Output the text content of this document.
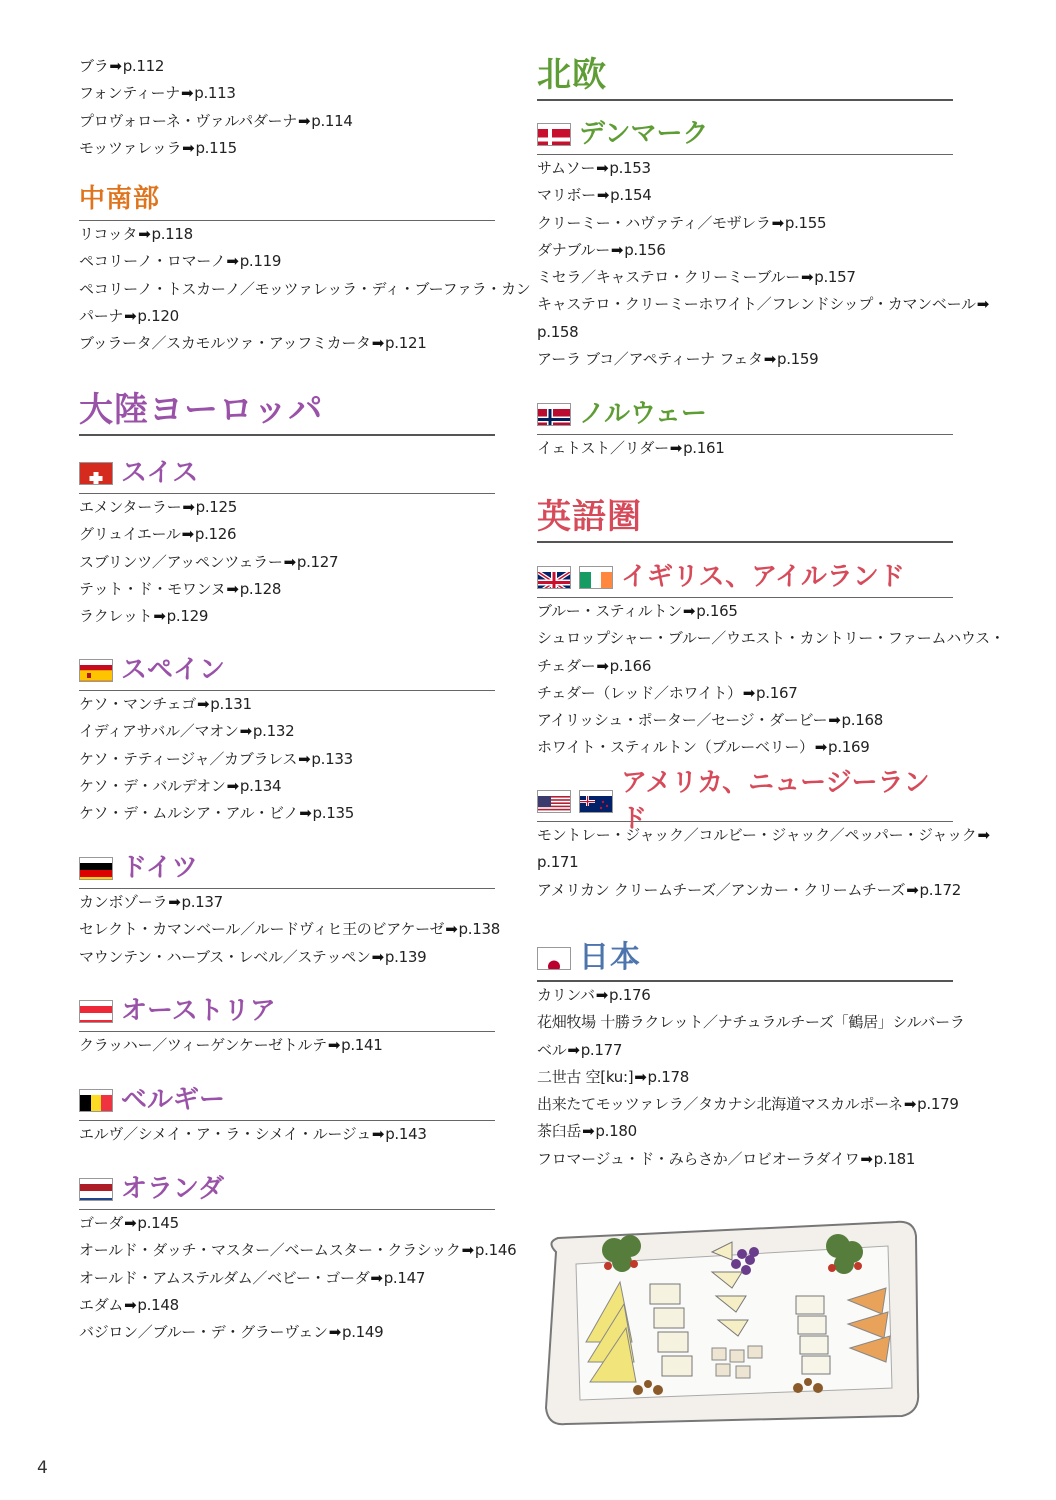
ブラ➡p.112
フォンティーナ➡p.113
プロヴォローネ・ヴァルパダーナ➡p.114
モッツァレッラ➡p.115
中南部
リコッタ➡p.118
ペコリーノ・ロマーノ➡p.119
ペコリーノ・トスカーノ／モッツァレッラ・ディ・ブーファラ・カン
パーナ➡p.120
ブッラータ／スカモルツァ・アッフミカータ➡p.121
大陸ヨーロッパ
スイス
エメンターラー➡p.125
グリュイエール➡p.126
スブリンツ／アッペンツェラー➡p.127
テット・ド・モワンヌ➡p.128
ラクレット➡p.129
スペイン
ケソ・マンチェゴ➡p.131
イディアサバル／マオン➡p.132
ケソ・テティージャ／カブラレス➡p.133
ケソ・デ・バルデオン➡p.134
ケソ・デ・ムルシア・アル・ビノ➡p.135
ドイツ
カンボゾーラ➡p.137
セレクト・カマンベール／ルードヴィヒ王のビアケーゼ➡p.138
マウンテン・ハーブス・レベル／ステッペン➡p.139
オーストリア
クラッハー／ツィーゲンケーゼトルテ➡p.141
ベルギー
エルヴ／シメイ・ア・ラ・シメイ・ルージュ➡p.143
オランダ
ゴーダ➡p.145
オールド・ダッチ・マスター／ベームスター・クラシック➡p.146
オールド・アムステルダム／ベビー・ゴーダ➡p.147
エダム➡p.148
バジロン／ブルー・デ・グラーヴェン➡p.149
北欧
デンマーク
サムソー➡p.153
マリボー➡p.154
クリーミー・ハヴァティ／モザレラ➡p.155
ダナブルー➡p.156
ミセラ／キャステロ・クリーミーブルー➡p.157
キャステロ・クリーミーホワイト／フレンドシップ・カマンベール➡
p.158
アーラ ブコ／アペティーナ フェタ➡p.159
ノルウェー
イェトスト／リダー➡p.161
英語圏
イギリス、アイルランド
ブルー・スティルトン➡p.165
シュロップシャー・ブルー／ウエスト・カントリー・ファームハウス・
チェダー➡p.166
チェダー（レッド／ホワイト）➡p.167
アイリッシュ・ポーター／セージ・ダービー➡p.168
ホワイト・スティルトン（ブルーベリー）➡p.169
アメリカ、ニュージーランド
モントレー・ジャック／コルビー・ジャック／ペッパー・ジャック➡
p.171
アメリカン クリームチーズ／アンカー・クリームチーズ➡p.172
日本
カリンバ➡p.176
花畑牧場 十勝ラクレット／ナチュラルチーズ「鶴居」シルバーラ
ベル➡p.177
二世古 空[ku:]➡p.178
出来たてモッツァレラ／タカナシ北海道マスカルポーネ➡p.179
茶臼岳➡p.180
フロマージュ・ド・みらさか／ロビオーラダイワ➡p.181
4
